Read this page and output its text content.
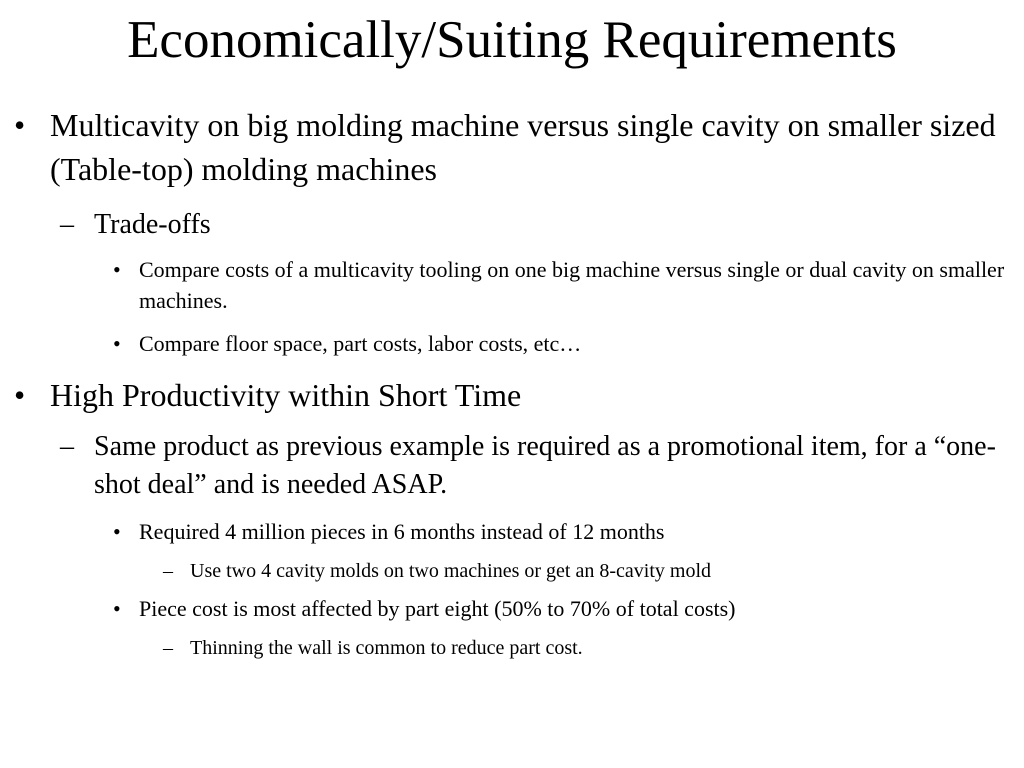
Economically/Suiting Requirements
• Multicavity on big molding machine versus single cavity on smaller sized (Table-top) molding machines
– Trade-offs
• Compare costs of a multicavity tooling on one big machine versus single or dual cavity on smaller machines.
• Compare floor space, part costs, labor costs, etc…
• High Productivity within Short Time
– Same product as previous example is required as a promotional item, for a “one-shot deal” and is needed ASAP.
• Required 4 million pieces in 6 months instead of 12 months
– Use two 4 cavity molds on two machines or get an 8-cavity mold
• Piece cost is most affected by part eight (50% to 70% of total costs)
– Thinning the wall is common to reduce part cost.
